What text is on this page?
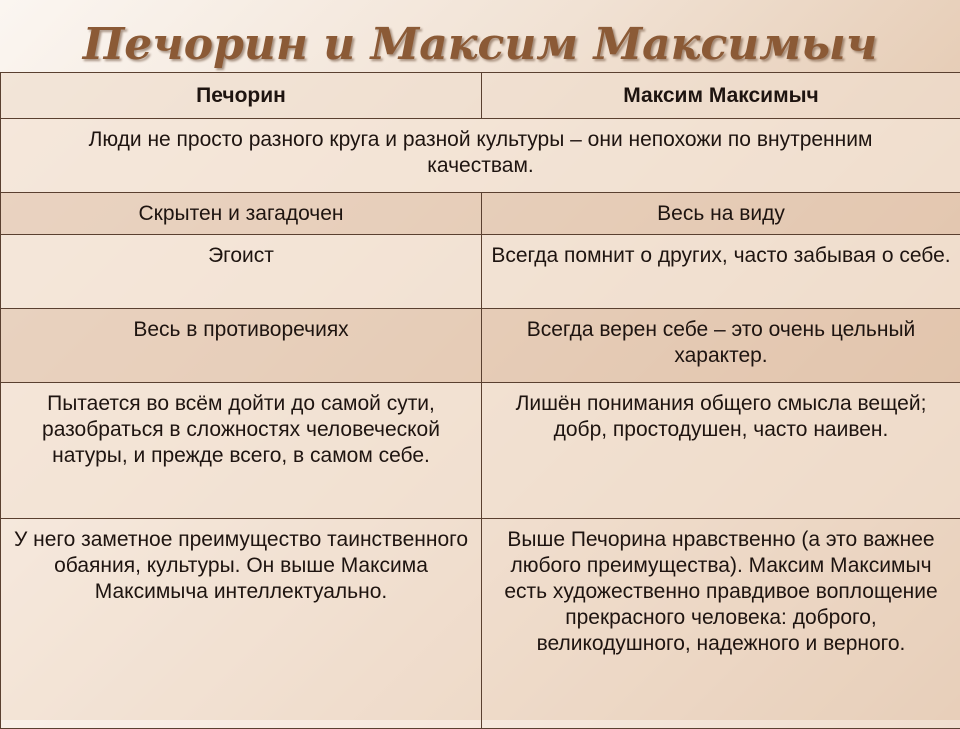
Печорин и Максим Максимыч
Печорин	Максим Максимыч
Люди не просто разного круга и разной культуры – они непохожи по внутренним качествам.	
Скрытен и загадочен	Весь на виду
Эгоист	Всегда помнит о других, часто забывая о себе.
Весь в противоречиях	Всегда верен себе – это очень цельный характер.
Пытается во всём дойти до самой сути, разобраться в сложностях человеческой натуры, и прежде всего, в самом себе.	Лишён понимания общего смысла вещей; добр, простодушен, часто наивен.
У него заметное преимущество таинственного обаяния, культуры. Он выше Максима Максимыча интеллектуально.	Выше Печорина нравственно (а это важнее любого преимущества). Максим Максимыч есть художественно правдивое воплощение прекрасного человека: доброго, великодушного, надежного и верного.
